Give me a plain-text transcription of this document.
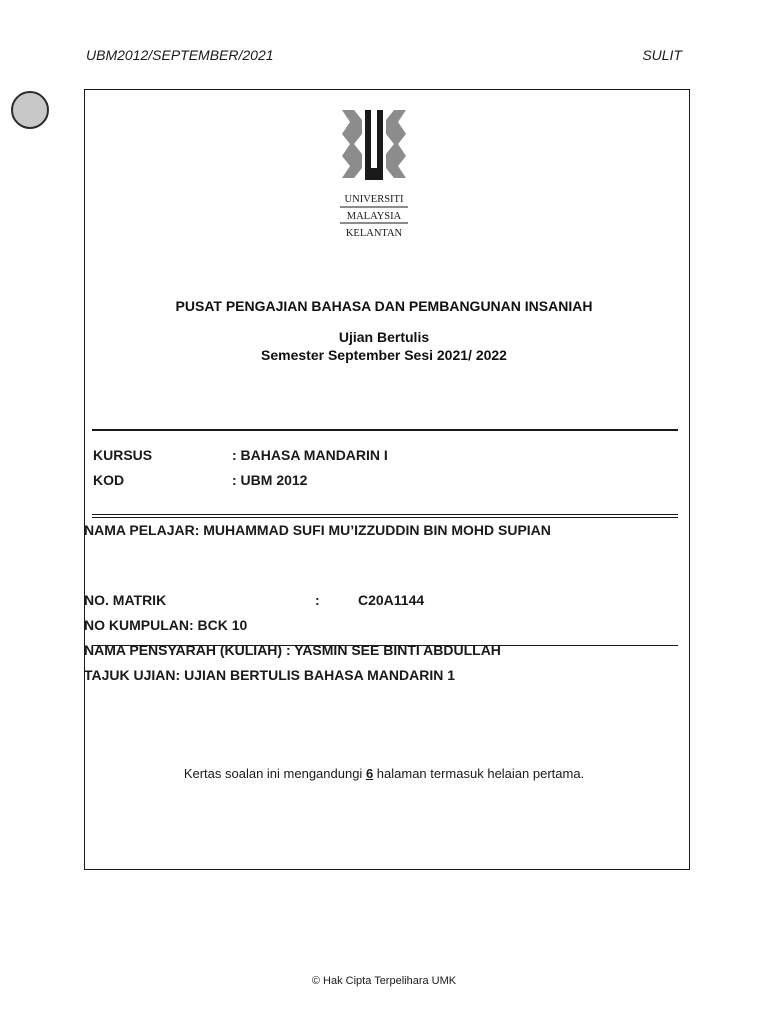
UBM2012/SEPTEMBER/2021	SULIT
UNIVERSITI
MALAYSIA
KELANTAN
PUSAT PENGAJIAN BAHASA DAN PEMBANGUNAN INSANIAH
Ujian Bertulis
Semester September Sesi 2021/ 2022
KURSUS	: BAHASA MANDARIN I
KOD	: UBM 2012
NAMA PELAJAR: MUHAMMAD SUFI MU’IZZUDDIN BIN MOHD SUPIAN
NO. MATRIK	:	C20A1144
NO KUMPULAN: BCK 10
NAMA PENSYARAH (KULIAH) : YASMIN SEE BINTI ABDULLAH
TAJUK UJIAN: UJIAN BERTULIS BAHASA MANDARIN 1
Kertas soalan ini mengandungi 6 halaman termasuk helaian pertama.
© Hak Cipta Terpelihara UMK
